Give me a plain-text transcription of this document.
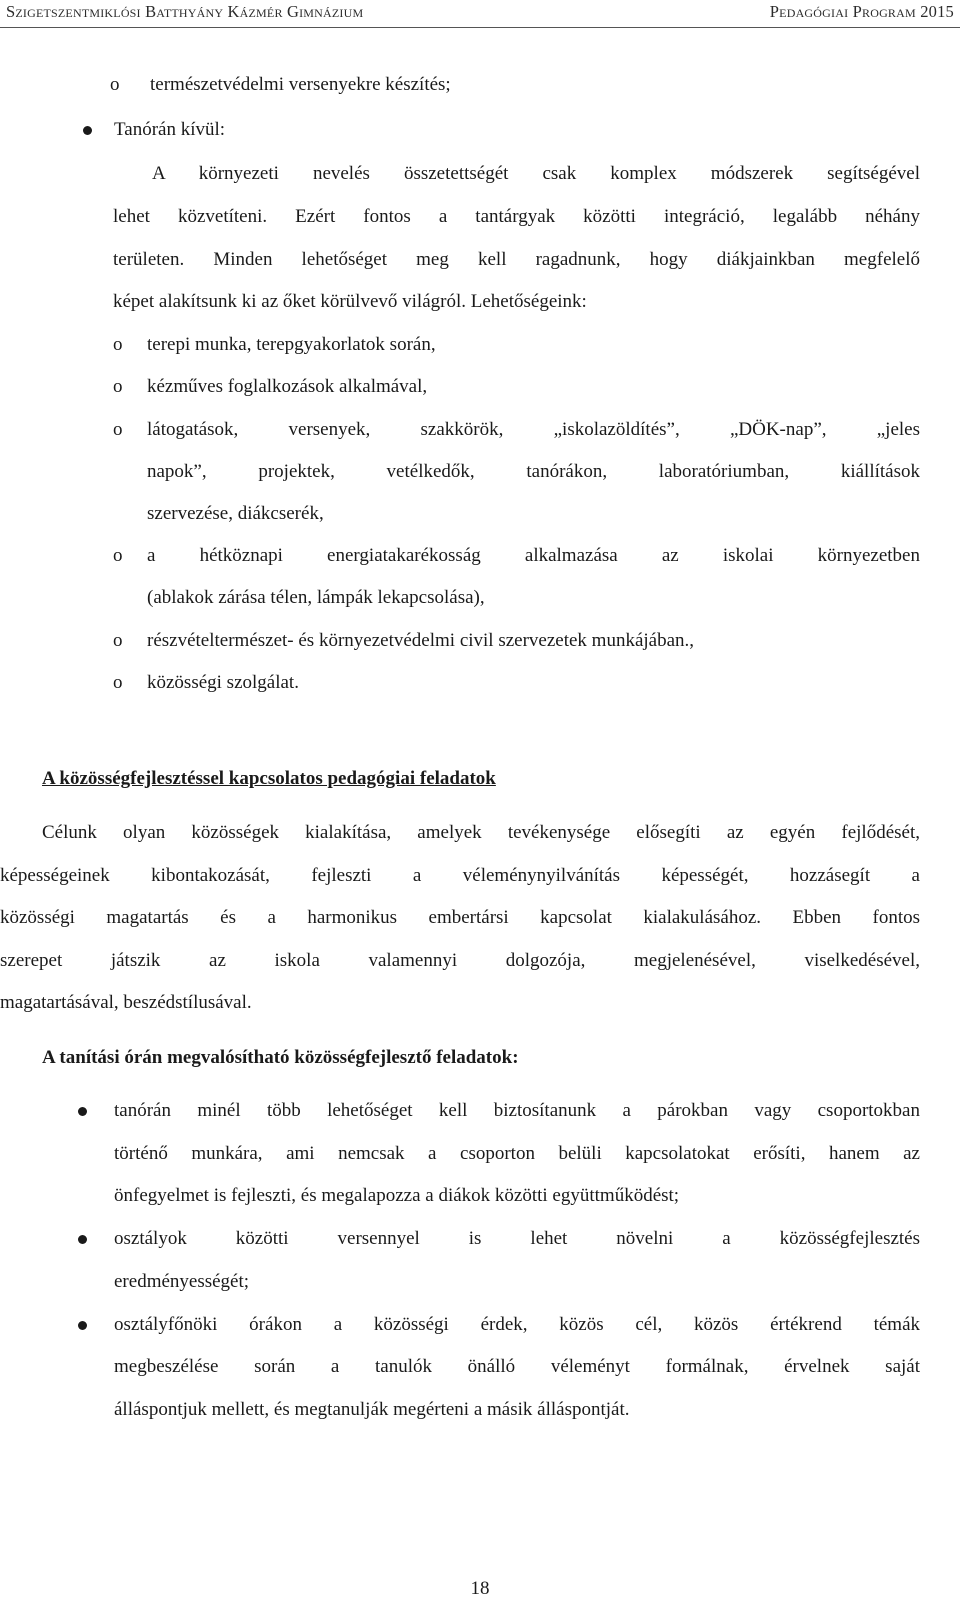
Szigetszentmiklósi Batthyány Kázmér Gimnázium	Pedagógiai Program 2015
o természetvédelmi versenyekre készítés;
Tanórán kívül:
A környezeti nevelés összetettségét csak komplex módszerek segítségével
lehet közvetíteni. Ezért fontos a tantárgyak közötti integráció, legalább néhány
területen. Minden lehetőséget meg kell ragadnunk, hogy diákjainkban megfelelő
képet alakítsunk ki az őket körülvevő világról. Lehetőségeink:
o terepi munka, terepgyakorlatok során,
o kézműves foglalkozások alkalmával,
o látogatások, versenyek, szakkörök, „iskolazöldítés”, „DÖK-nap”, „jeles
napok”, projektek, vetélkedők, tanórákon, laboratóriumban, kiállítások
szervezése, diákcserék,
o a hétköznapi energiatakarékosság alkalmazása az iskolai környezetben
(ablakok zárása télen, lámpák lekapcsolása),
o részvételtermészet- és környezetvédelmi civil szervezetek munkájában.,
o közösségi szolgálat.
A közösségfejlesztéssel kapcsolatos pedagógiai feladatok
Célunk olyan közösségek kialakítása, amelyek tevékenysége elősegíti az egyén fejlődését,
képességeinek kibontakozását, fejleszti a véleménynyilvánítás képességét, hozzásegít a
közösségi magatartás és a harmonikus embertársi kapcsolat kialakulásához. Ebben fontos
szerepet játszik az iskola valamennyi dolgozója, megjelenésével, viselkedésével,
magatartásával, beszédstílusával.
A tanítási órán megvalósítható közösségfejlesztő feladatok:
tanórán minél több lehetőséget kell biztosítanunk a párokban vagy csoportokban
történő munkára, ami nemcsak a csoporton belüli kapcsolatokat erősíti, hanem az
önfegyelmet is fejleszti, és megalapozza a diákok közötti együttműködést;
osztályok közötti versennyel is lehet növelni a közösségfejlesztés
eredményességét;
osztályfőnöki órákon a közösségi érdek, közös cél, közös értékrend témák
megbeszélése során a tanulók önálló véleményt formálnak, érvelnek saját
álláspontjuk mellett, és megtanulják megérteni a másik álláspontját.
18
